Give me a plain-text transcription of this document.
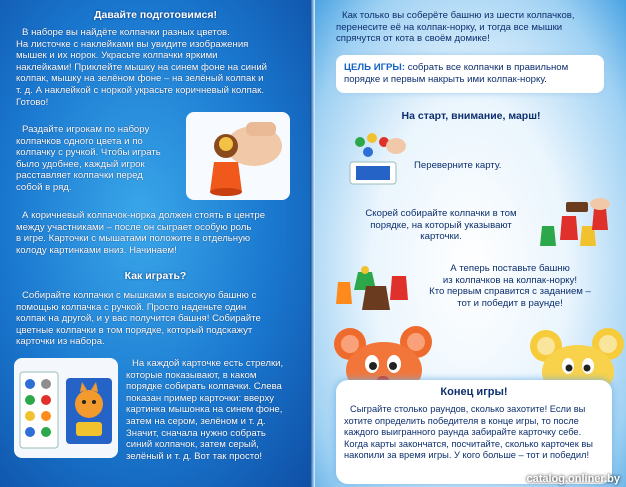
Давайте подготовимся!
В наборе вы найдёте колпачки разных цветов.
На листочке с наклейками вы увидите изображения
мышек и их норок. Украсьте колпачки яркими
наклейками! Приклейте мышку на синем фоне на синий
колпак, мышку на зелёном фоне – на зелёный колпак и
т. д. А наклейкой с норкой украсьте коричневый колпак.
Готово!
Раздайте игрокам по набору
колпачков одного цвета и по
колпачку с ручкой. Чтобы играть
было удобнее, каждый игрок
расставляет колпачки перед
собой в ряд.
А коричневый колпачок-норка должен стоять в центре
между участниками – после он сыграет особую роль
в игре. Карточки с мышатами положите в отдельную
колоду картинками вниз. Начинаем!
Как играть?
Собирайте колпачки с мышками в высокую башню с
помощью колпачка с ручкой. Просто наденьте один
колпак на другой, и у вас получится башня! Собирайте
цветные колпачки в том порядке, который подскажут
карточки из набора.
На каждой карточке есть стрелки,
которые показывают, в каком
порядке собирать колпачки. Слева
показан пример карточки: вверху
картинка мышонка на синем фоне,
затем на сером, зелёном и т. д.
Значит, сначала нужно собрать
синий колпачок, затем серый,
зелёный и т. д. Вот так просто!
Как только вы соберёте башню из шести колпачков,
перенесите её на колпак-норку, и тогда все мышки
спрячутся от кота в своём домике!
ЦЕЛЬ ИГРЫ: собрать все колпачки в правильном
порядке и первым накрыть ими колпак-норку.
На старт, внимание, марш!
Переверните карту.
Скорей собирайте колпачки в том
порядке, на который указывают
карточки.
А теперь поставьте башню
из колпачков на колпак-норку!
Кто первым справится с заданием –
тот и победит в раунде!
Конец игры!
Сыграйте столько раундов, сколько захотите! Если вы
хотите определить победителя в конце игры, то после
каждого выигранного раунда забирайте карточку себе.
Когда карты закончатся, посчитайте, сколько карточек вы
накопили за время игры. У кого больше – тот и победил!
catalog.onliner.by
